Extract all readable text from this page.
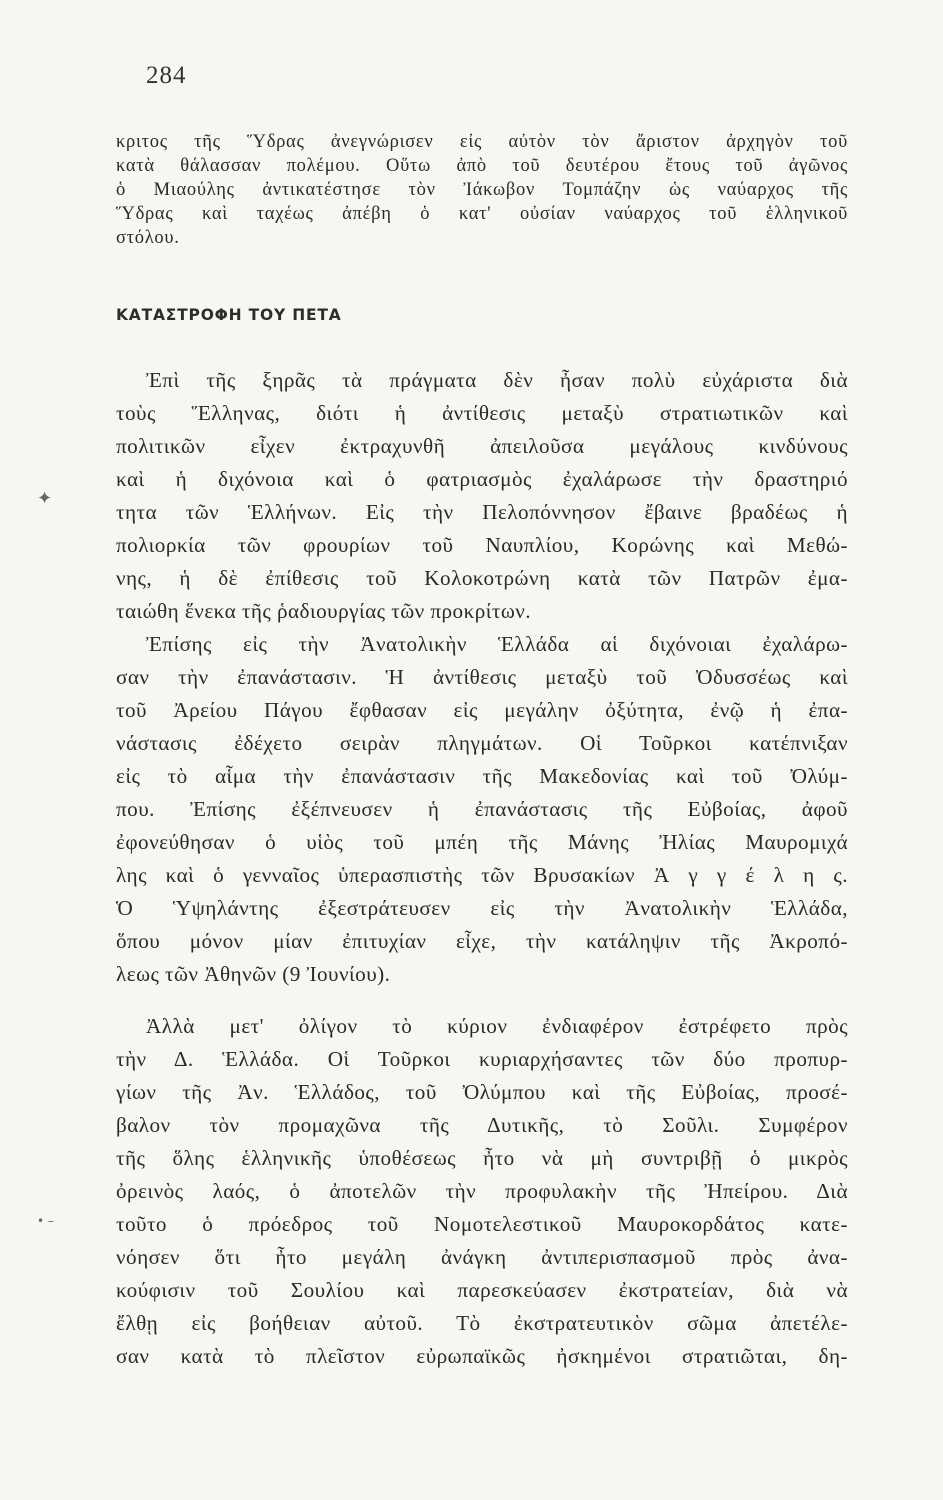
284
κριτος τῆς Ὕδρας ἀνεγνώρισεν εἰς αὐτὸν τὸν ἄριστον ἀρχηγὸν τοῦ
κατὰ θάλασσαν πολέμου. Οὕτω ἀπὸ τοῦ δευτέρου ἔτους τοῦ ἀγῶνος
ὁ Μιαούλης ἀντικατέστησε τὸν Ἰάκωβον Τομπάζην ὡς ναύαρχος τῆς
Ὕδρας καὶ ταχέως ἀπέβη ὁ κατ' οὐσίαν ναύαρχος τοῦ ἑλληνικοῦ
στόλου.
ΚΑΤΑΣΤΡΟΦΗ ΤΟΥ ΠΕΤΑ
Ἐπὶ τῆς ξηρᾶς τὰ πράγματα δὲν ἦσαν πολὺ εὐχάριστα διὰ
τοὺς Ἕλληνας, διότι ἡ ἀντίθεσις μεταξὺ στρατιωτικῶν καὶ
πολιτικῶν εἶχεν ἐκτραχυνθῆ ἀπειλοῦσα μεγάλους κινδύνους
καὶ ἡ διχόνοια καὶ ὁ φατριασμὸς ἐχαλάρωσε τὴν δραστηριό
τητα τῶν Ἑλλήνων. Εἰς τὴν Πελοπόννησον ἔβαινε βραδέως ἡ
πολιορκία τῶν φρουρίων τοῦ Ναυπλίου, Κορώνης καὶ Μεθώ-
νης, ἡ δὲ ἐπίθεσις τοῦ Κολοκοτρώνη κατὰ τῶν Πατρῶν ἐμα-
ταιώθη ἕνεκα τῆς ῥαδιουργίας τῶν προκρίτων.
Ἐπίσης εἰς τὴν Ἀνατολικὴν Ἑλλάδα αἱ διχόνοιαι ἐχαλάρω-
σαν τὴν ἐπανάστασιν. Ἡ ἀντίθεσις μεταξὺ τοῦ Ὀδυσσέως καὶ
τοῦ Ἀρείου Πάγου ἔφθασαν εἰς μεγάλην ὀξύτητα, ἐνῷ ἡ ἐπα-
νάστασις ἐδέχετο σειρὰν πληγμάτων. Οἱ Τοῦρκοι κατέπνιξαν
εἰς τὸ αἷμα τὴν ἐπανάστασιν τῆς Μακεδονίας καὶ τοῦ Ὀλύμ-
που. Ἐπίσης ἐξέπνευσεν ἡ ἐπανάστασις τῆς Εὐβοίας, ἀφοῦ
ἐφονεύθησαν ὁ υἱὸς τοῦ μπέη τῆς Μάνης Ἠλίας Μαυρομιχά
λης καὶ ὁ γενναῖος ὑπερασπιστὴς τῶν Βρυσακίων Ἀ γ γ έ λ η ς.
Ὁ Ὑψηλάντης ἐξεστράτευσεν εἰς τὴν Ἀνατολικὴν Ἑλλάδα,
ὅπου μόνον μίαν ἐπιτυχίαν εἶχε, τὴν κατάληψιν τῆς Ἀκροπό-
λεως τῶν Ἀθηνῶν (9 Ἰουνίου).
Ἀλλὰ μετ' ὀλίγον τὸ κύριον ἐνδιαφέρον ἐστρέφετο πρὸς
τὴν Δ. Ἑλλάδα. Οἱ Τοῦρκοι κυριαρχήσαντες τῶν δύο προπυρ-
γίων τῆς Ἀν. Ἑλλάδος, τοῦ Ὀλύμπου καὶ τῆς Εὐβοίας, προσέ-
βαλον τὸν προμαχῶνα τῆς Δυτικῆς, τὸ Σοῦλι. Συμφέρον
τῆς ὅλης ἑλληνικῆς ὑποθέσεως ἦτο νὰ μὴ συντριβῇ ὁ μικρὸς
ὀρεινὸς λαός, ὁ ἀποτελῶν τὴν προφυλακὴν τῆς Ἠπείρου. Διὰ
τοῦτο ὁ πρόεδρος τοῦ Νομοτελεστικοῦ Μαυροκορδάτος κατε-
νόησεν ὅτι ἦτο μεγάλη ἀνάγκη ἀντιπερισπασμοῦ πρὸς ἀνα-
κούφισιν τοῦ Σουλίου καὶ παρεσκεύασεν ἐκστρατείαν, διὰ νὰ
ἔλθῃ εἰς βοήθειαν αὐτοῦ. Τὸ ἐκστρατευτικὸν σῶμα ἀπετέλε-
σαν κατὰ τὸ πλεῖστον εὐρωπαϊκῶς ἠσκημένοι στρατιῶται, δη-
✦
• –
